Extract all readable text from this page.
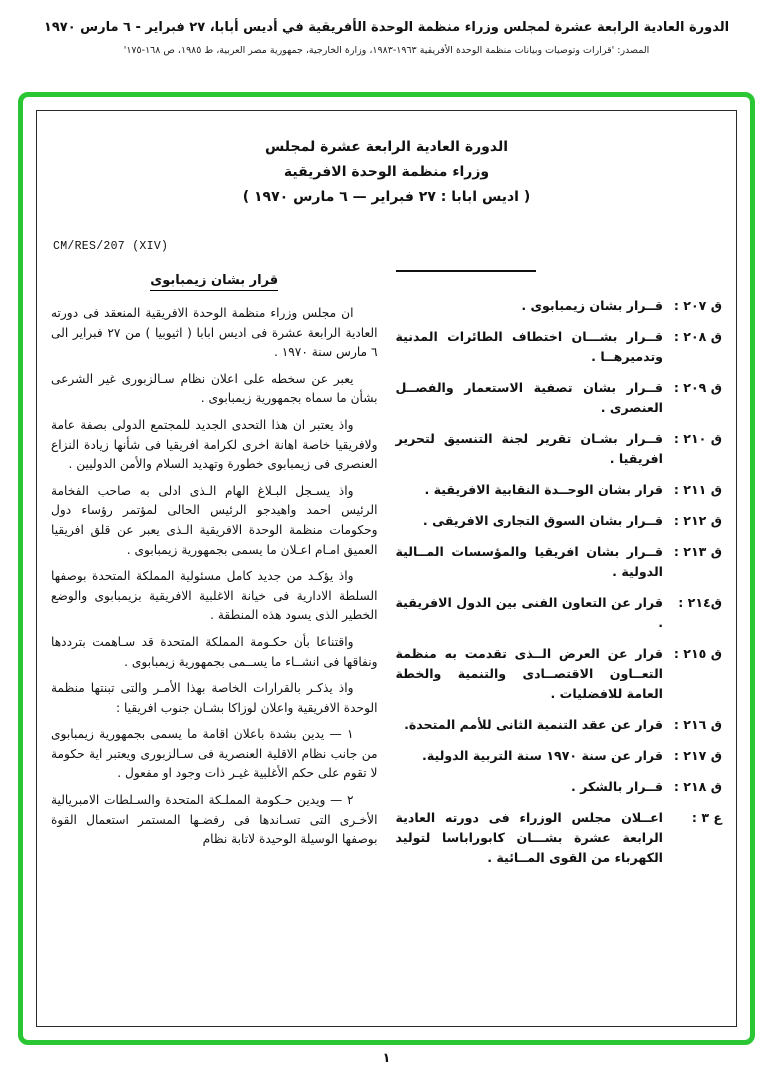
الدورة العادية الرابعة عشرة لمجلس وزراء منظمة الوحدة الأفريقية في أديس أبابا، ٢٧ فبراير - ٦ مارس ١٩٧٠
المصدر: 'قرارات وتوصيات وبيانات منظمة الوحدة الأفريقية ١٩٦٣-١٩٨٣، وزارة الخارجية، جمهورية مصر العربية، ط ١٩٨٥، ص ١٦٨-١٧٥'
الدورة العادية الرابعة عشرة لمجلس
وزراء منظمة الوحدة الافريقية
( اديس ابابا : ٢٧ فبراير — ٦ مارس ١٩٧٠ )
ق ٢٠٧ :
قــرار بشان زيمبابوى .
ق ٢٠٨ :
قــرار بشـــان اختطاف الطائرات المدنية وتدميرهــا .
ق ٢٠٩ :
قــرار بشان تصفية الاستعمار والفصــل العنصرى .
ق ٢١٠ :
قــرار بشـان تقرير لجنة التنسيق لتحرير افريقيا .
ق ٢١١ :
قرار بشان الوحــدة النقابية الافريقية .
ق ٢١٢ :
قــرار بشان السوق التجارى الافريقى .
ق ٢١٣ :
قــرار بشان افريقيا والمؤسسات المــالية الدولية .
ق٢١٤ :
قرار عن التعاون الفنى بين الدول الافريقية .
ق ٢١٥ :
قرار عن العرض الــذى تقدمت به منظمة التعــاون الاقتصــادى والتنمية والخطة العامة للافضليات .
ق ٢١٦ :
قرار عن عقد التنمية الثانى للأمم المتحدة.
ق ٢١٧ :
قرار عن سنة ١٩٧٠ سنة التربية الدولية.
ق ٢١٨ :
قــرار بالشكر .
ع ٣ :
اعــلان مجلس الوزراء فى دورته العادية الرابعة عشرة بشـــان كابوراباسا لتوليد الكهرباء من القوى المــائية .
CM/RES/207 (XIV)
قرار بشان زيمبابوى

ان مجلس وزراء منظمة الوحدة الافريقية المنعقد فى دورته العادية الرابعة عشرة فى اديس ابابا ( اثيوبيا ) من ٢٧ فبراير الى ٦ مارس سنة ١٩٧٠ .

يعبر عن سخطه على اعلان نظام سـالزبورى غير الشرعى بشأن ما سماه بجمهورية زيمبابوى .

واذ يعتبر ان هذا التحدى الجديد للمجتمع الدولى بصفة عامة ولافريقيا خاصة اهانة اخرى لكرامة افريقيا فى شأنها زيادة النزاع العنصرى فى زيمبابوى خطورة وتهديد السلام والأمن الدوليين .

واذ يسـجل البـلاغ الهام الـذى ادلى به صاحب الفخامة الرئيس احمد واهيدجو الرئيس الحالى لمؤتمر رؤساء دول وحكومات منظمة الوحدة الافريقية الـذى يعبر عن قلق افريقيا العميق امـام اعـلان ما يسمى بجمهورية زيمبابوى .

واذ يؤكـد من جديد كامل مسئولية المملكة المتحدة بوصفها السلطة الادارية فى خيانة الاغلبية الافريقية بزيمبابوى والوضع الخطير الذى يسود هذه المنطقة .

واقتناعا بأن حكـومة المملكة المتحدة قد سـاهمت بترددها ونفاقها فى انشــاء ما يســمى بجمهورية زيمبابوى .

واذ يذكـر بالقرارات الخاصة بهذا الأمـر والتى تبنتها منظمة الوحدة الافريقية واعلان لوزاكا بشـان جنوب افريقيا :

١ — يدين بشدة باعلان اقامة ما يسمى بجمهورية زيمبابوى من جانب نظام الاقلية العنصرية فى سـالزبورى ويعتبر اية حكومة لا تقوم على حكم الأغلبية غيـر ذات وجود او مفعول .

٢ — ويدين حـكومة المملـكة المتحدة والسـلطات الامبريالية الأخـرى التى تسـاندها فى رفضـها المستمر استعمال القوة بوصفها الوسيلة الوحيدة لاتابة نظام

١
